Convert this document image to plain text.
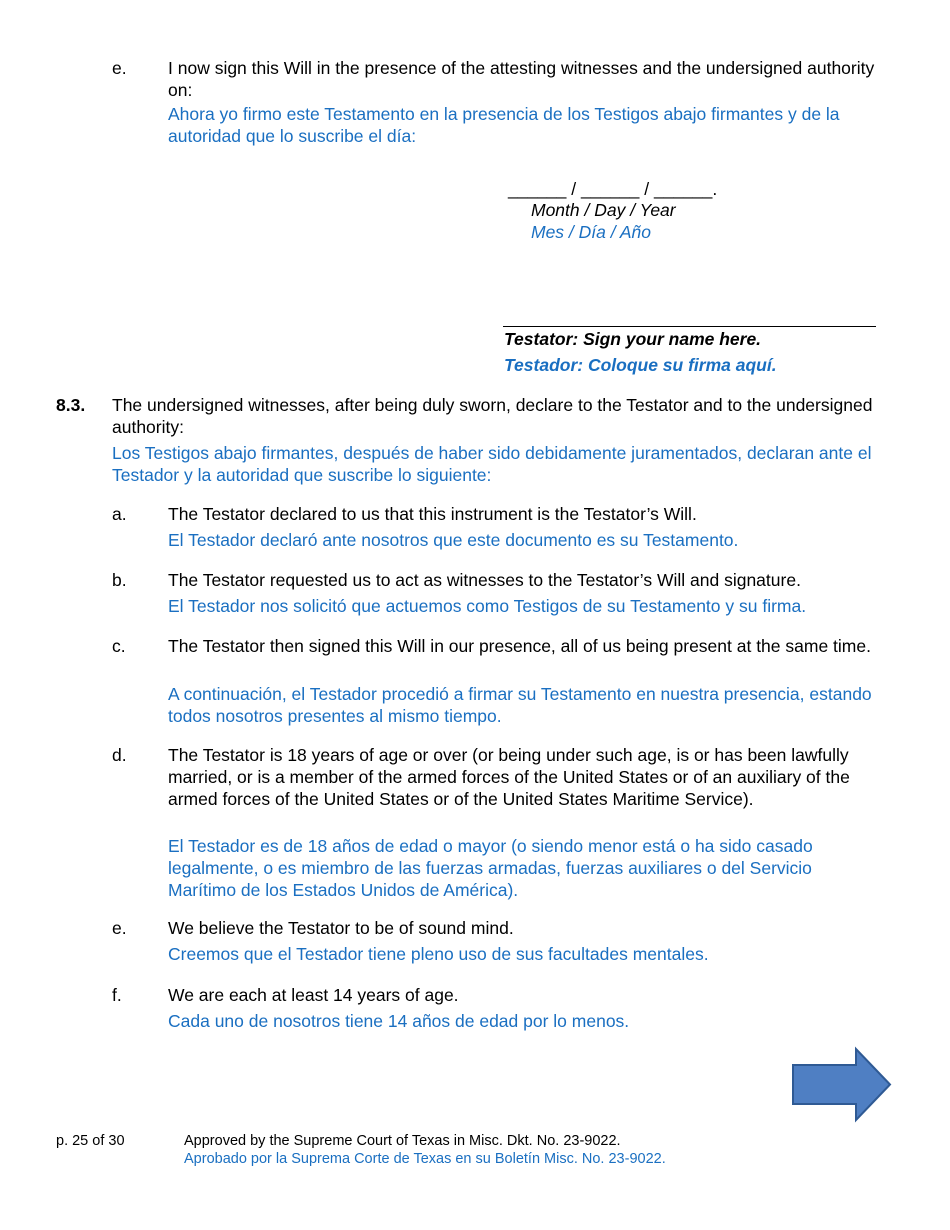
e. I now sign this Will in the presence of the attesting witnesses and the undersigned authority on:
Ahora yo firmo este Testamento en la presencia de los Testigos abajo firmantes y de la autoridad que lo suscribe el día:
______ / ______ / ______.
Month / Day / Year
Mes / Día / Año
Testator: Sign your name here.
Testador: Coloque su firma aquí.
8.3. The undersigned witnesses, after being duly sworn, declare to the Testator and to the undersigned authority:
Los Testigos abajo firmantes, después de haber sido debidamente juramentados, declaran ante el Testador y la autoridad que suscribe lo siguiente:
a. The Testator declared to us that this instrument is the Testator’s Will.
El Testador declaró ante nosotros que este documento es su Testamento.
b. The Testator requested us to act as witnesses to the Testator’s Will and signature.
El Testador nos solicitó que actuemos como Testigos de su Testamento y su firma.
c. The Testator then signed this Will in our presence, all of us being present at the same time.
A continuación, el Testador procedió a firmar su Testamento en nuestra presencia, estando todos nosotros presentes al mismo tiempo.
d. The Testator is 18 years of age or over (or being under such age, is or has been lawfully married, or is a member of the armed forces of the United States or of an auxiliary of the armed forces of the United States or of the United States Maritime Service).
El Testador es de 18 años de edad o mayor (o siendo menor está o ha sido casado legalmente, o es miembro de las fuerzas armadas, fuerzas auxiliares o del Servicio Marítimo de los Estados Unidos de América).
e. We believe the Testator to be of sound mind.
Creemos que el Testador tiene pleno uso de sus facultades mentales.
f.	We are each at least 14 years of age.
Cada uno de nosotros tiene 14 años de edad por lo menos.
p. 25 of 30	Approved by the Supreme Court of Texas in Misc. Dkt. No. 23-9022.
Aprobado por la Suprema Corte de Texas en su Boletín Misc. No. 23-9022.
